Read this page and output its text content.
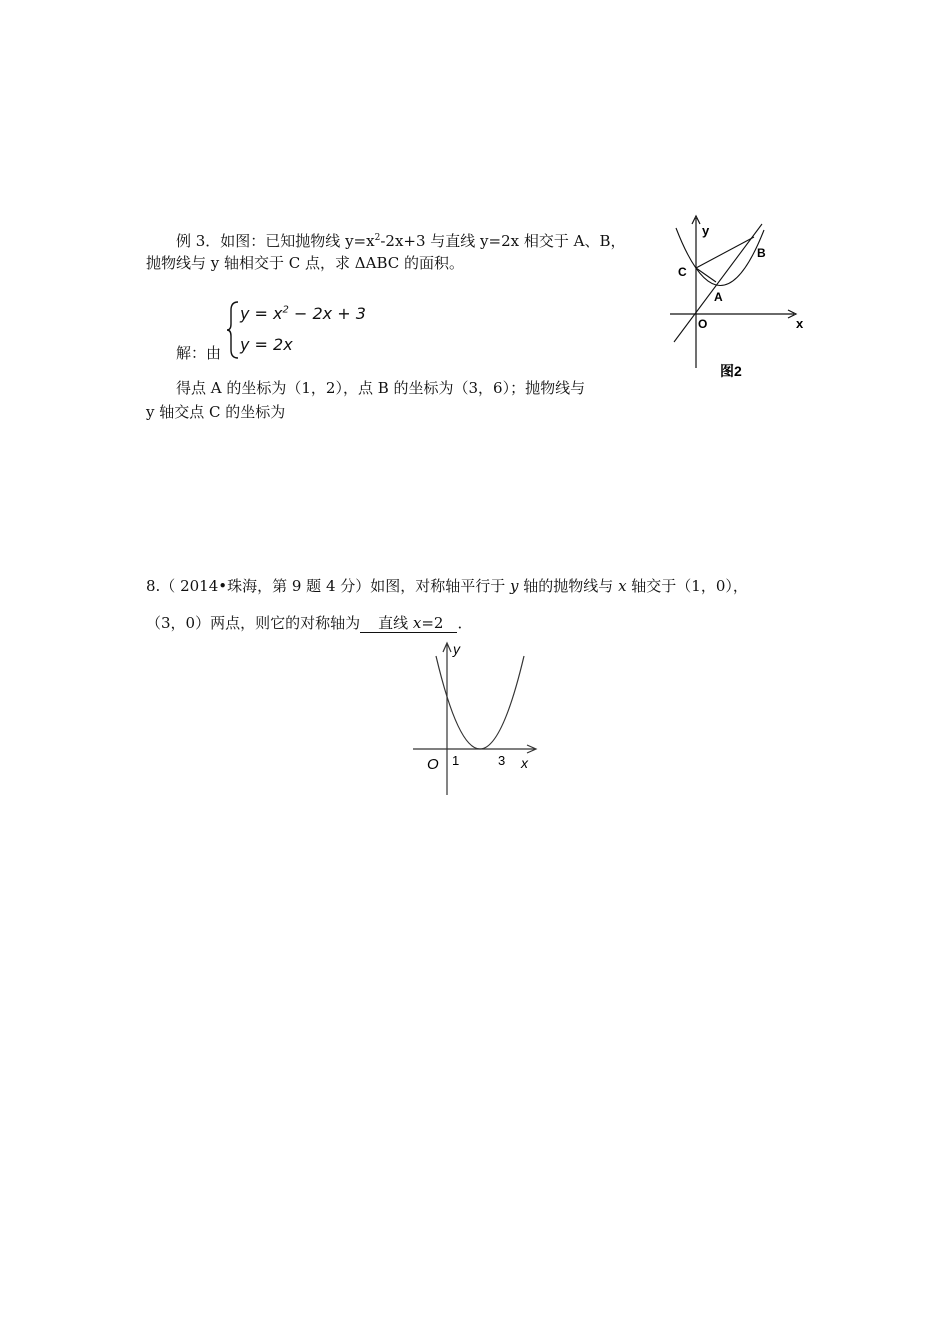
例 3．如图：已知抛物线 $y=x^2-2x+3$ 与直线 y=2x 相交于 A、B，
抛物线与 y 轴相交于 C 点，求 ΔABC 的面积。
解：由
$y = x^2 - 2x + 3$
y = 2x
得点 A 的坐标为（1，2），点 B 的坐标为（3，6）；抛物线与
y 轴交点 C 的坐标为
y
x
O
A
B
C
图2
8.（ 2014•珠海，第 9 题 4 分）如图，对称轴平行于 y 轴的抛物线与 x 轴交于（1，0），
（3，0）两点，则它的对称轴为 直线 x=2 ．
y
x
O 1	3
